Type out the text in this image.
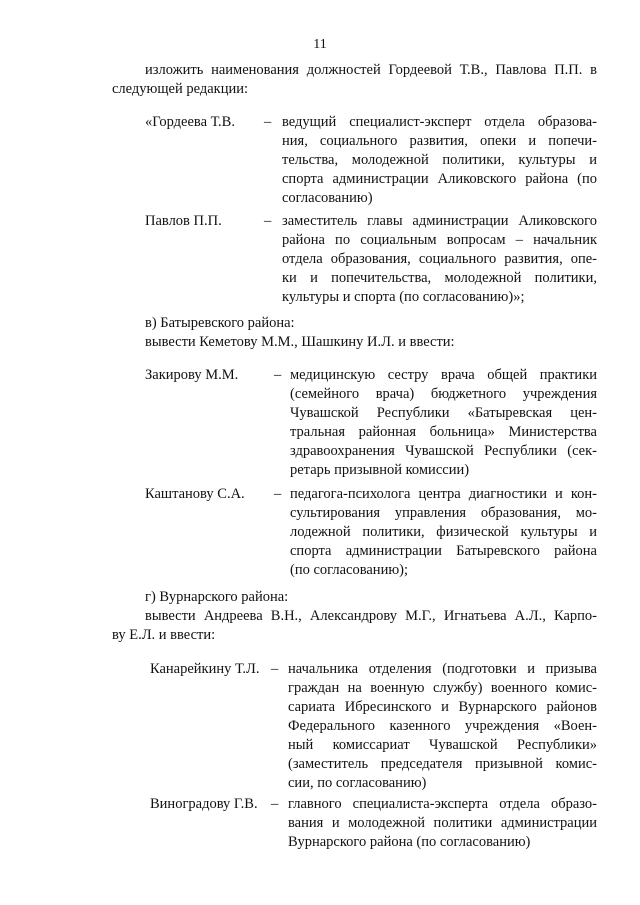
11
изложить наименования должностей Гордеевой Т.В., Павлова П.П. в
следующей редакции:
«Гордеева Т.В. – ведущий специалист-эксперт отдела образова-
ния, социального развития, опеки и попечи-
тельства, молодежной политики, культуры и
спорта администрации Аликовского района (по
согласованию)
Павлов П.П.	– заместитель главы администрации Аликовского
района по социальным вопросам – начальник
отдела образования, социального развития, опе-
ки и попечительства, молодежной политики,
культуры и спорта (по согласованию)»;
в) Батыревского района:
вывести Кеметову М.М., Шашкину И.Л. и ввести:
Закирову М.М. – медицинскую сестру врача общей практики
(семейного врача) бюджетного учреждения
Чувашской Республики «Батыревская цен-
тральная районная больница» Министерства
здравоохранения Чувашской Республики (сек-
ретарь призывной комиссии)
Каштанову С.А. – педагога-психолога центра диагностики и кон-
сультирования управления образования, мо-
лодежной политики, физической культуры и
спорта администрации Батыревского района
(по согласованию);
г) Вурнарского района:
вывести Андреева В.Н., Александрову М.Г., Игнатьева А.Л., Карпо-
ву Е.Л. и ввести:
Канарейкину Т.Л. – начальника отделения (подготовки и призыва
граждан на военную службу) военного комис-
сариата Ибресинского и Вурнарского районов
Федерального казенного учреждения «Воен-
ный комиссариат Чувашской Республики»
(заместитель председателя призывной комис-
сии, по согласованию)
Виноградову Г.В. – главного специалиста-эксперта отдела образо-
вания и молодежной политики администрации
Вурнарского района (по согласованию)
